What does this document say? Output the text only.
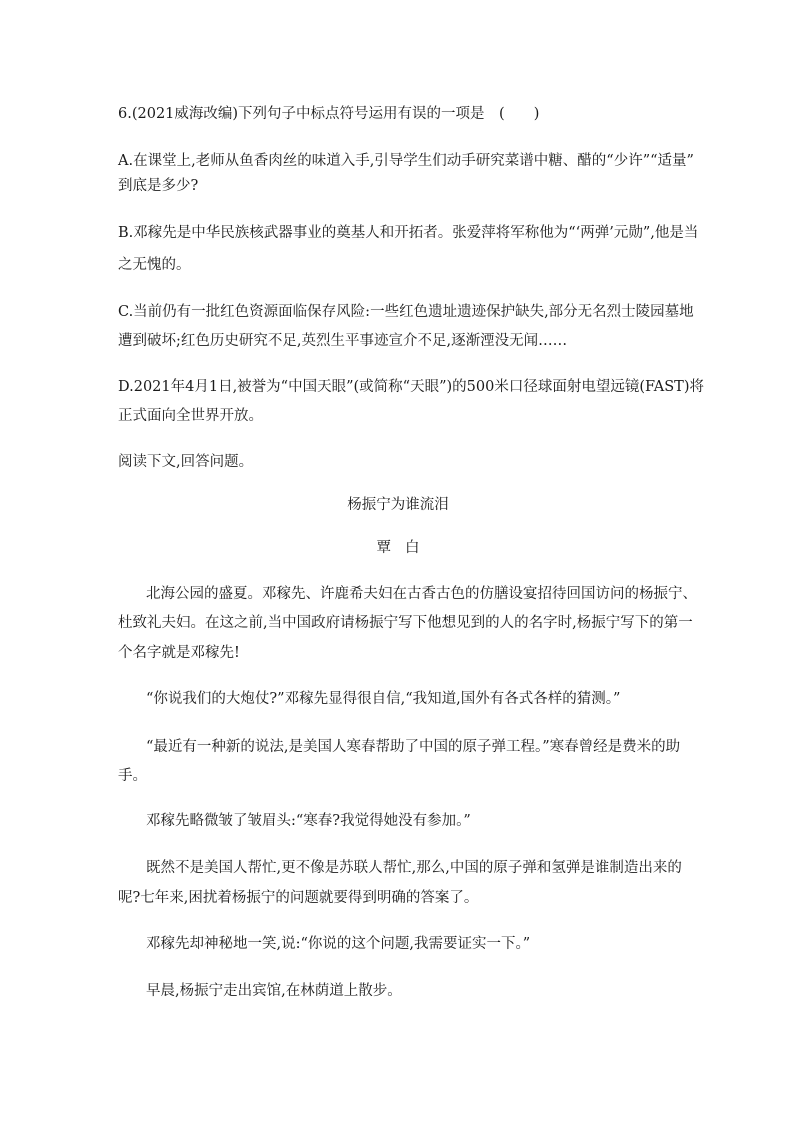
6.(2021威海改编)下列句子中标点符号运用有误的一项是　(　　)
A.在课堂上,老师从鱼香肉丝的味道入手,引导学生们动手研究菜谱中糖、醋的“少许”“适量”
到底是多少?
B.邓稼先是中华民族核武器事业的奠基人和开拓者。张爱萍将军称他为“‘两弹’元勋”,他是当
之无愧的。
C.当前仍有一批红色资源面临保存风险:一些红色遗址遗迹保护缺失,部分无名烈士陵园墓地
遭到破坏;红色历史研究不足,英烈生平事迹宣介不足,逐渐湮没无闻……
D.2021年4月1日,被誉为“中国天眼”(或简称“天眼”)的500米口径球面射电望远镜(FAST)将
正式面向全世界开放。
阅读下文,回答问题。
杨振宁为谁流泪
覃白
北海公园的盛夏。邓稼先、许鹿希夫妇在古香古色的仿膳设宴招待回国访问的杨振宁、
杜致礼夫妇。在这之前,当中国政府请杨振宁写下他想见到的人的名字时,杨振宁写下的第一
个名字就是邓稼先!
“你说我们的大炮仗?”邓稼先显得很自信,“我知道,国外有各式各样的猜测。”
“最近有一种新的说法,是美国人寒春帮助了中国的原子弹工程。”寒春曾经是费米的助
手。
邓稼先略微皱了皱眉头:“寒春?我觉得她没有参加。”
既然不是美国人帮忙,更不像是苏联人帮忙,那么,中国的原子弹和氢弹是谁制造出来的
呢?七年来,困扰着杨振宁的问题就要得到明确的答案了。
邓稼先却神秘地一笑,说:“你说的这个问题,我需要证实一下。”
早晨,杨振宁走出宾馆,在林荫道上散步。
